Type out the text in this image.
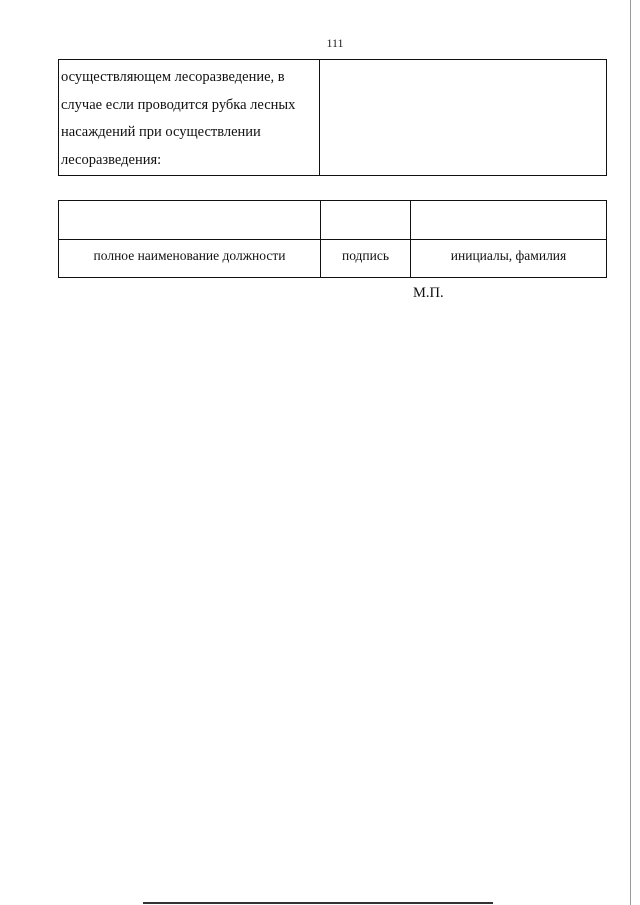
111
осуществляющем лесоразведение, в
случае если проводится рубка лесных
насаждений при осуществлении
лесоразведения:
полное наименование должности	подпись	инициалы, фамилия
М.П.
